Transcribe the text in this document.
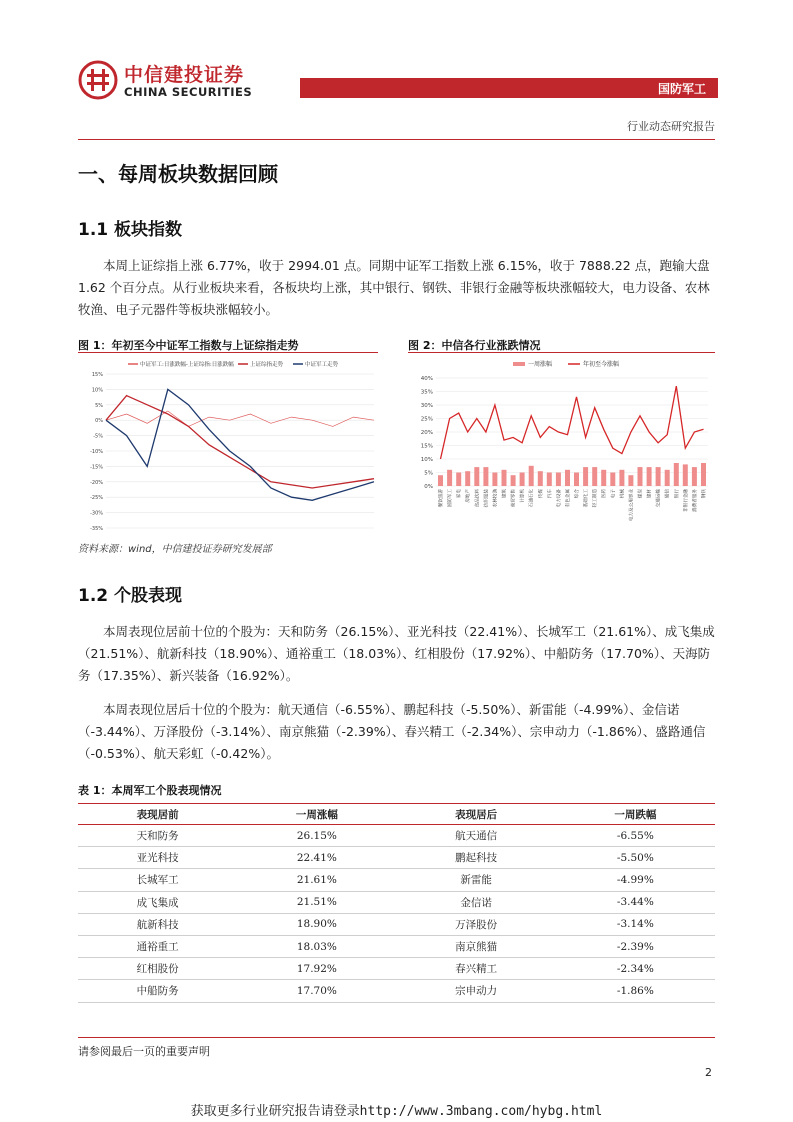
中信建投证券
CHINA SECURITIES	国防军工
行业动态研究报告
一、每周板块数据回顾
1.1 板块指数
本周上证综指上涨 6.77%，收于 2994.01 点。同期中证军工指数上涨 6.15%，收于 7888.22 点，跑输大盘 1.62 个百分点。从行业板块来看，各板块均上涨，其中银行、钢铁、非银行金融等板块涨幅较大，电力设备、农林牧渔、电子元器件等板块涨幅较小。
图 1：年初至今中证军工指数与上证综指走势
中证军工:日涨跌幅-上证综指:日涨跌幅	上证综指走势	中证军工走势
15%
10%
5%
0%
-5%
-10%
-15%
-20%
-25%
-30%
-35%
图 2：中信各行业涨跌情况
一周涨幅	年初至今涨幅
40%
35%
30%
25%
20%
15%
10%
5%
0%
餐饮旅游 国防军工 家电 房地产 食品饮料 纺织服装 农林牧渔 建筑 商贸零售 计算机 石油石化 传媒 汽车 电力设备 有色金属 综合 基础化工 轻工制造 医药 电子 机械 电力及公用事业 煤炭 建材 交通运输 通信 银行 非银行金融 消费者服务 钢铁
资料来源：wind，中信建投证券研究发展部
1.2 个股表现
本周表现位居前十位的个股为：天和防务（26.15%）、亚光科技（22.41%）、长城军工（21.61%）、成飞集成（21.51%）、航新科技（18.90%）、通裕重工（18.03%）、红相股份（17.92%）、中船防务（17.70%）、天海防务（17.35%）、新兴装备（16.92%）。
本周表现位居后十位的个股为：航天通信（-6.55%）、鹏起科技（-5.50%）、新雷能（-4.99%）、金信诺（-3.44%）、万泽股份（-3.14%）、南京熊猫（-2.39%）、春兴精工（-2.34%）、宗申动力（-1.86%）、盛路通信（-0.53%）、航天彩虹（-0.42%）。
表 1：本周军工个股表现情况
表现居前	一周涨幅	表现居后	一周跌幅
天和防务	26.15%	航天通信	-6.55%
亚光科技	22.41%	鹏起科技	-5.50%
长城军工	21.61%	新雷能	-4.99%
成飞集成	21.51%	金信诺	-3.44%
航新科技	18.90%	万泽股份	-3.14%
通裕重工	18.03%	南京熊猫	-2.39%
红相股份	17.92%	春兴精工	-2.34%
中船防务	17.70%	宗申动力	-1.86%
请参阅最后一页的重要声明
2
获取更多行业研究报告请登录http://www.3mbang.com/hybg.html
